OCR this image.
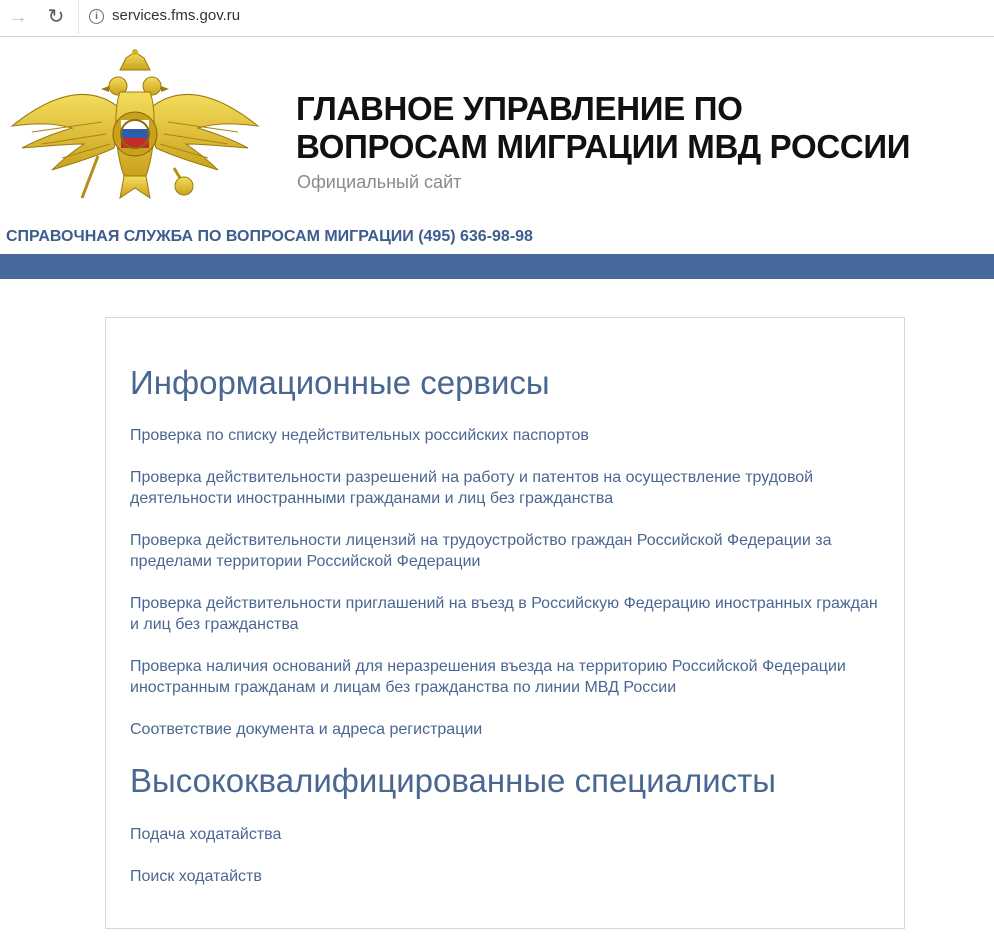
→ ↻	i services.fms.gov.ru
ГЛАВНОЕ УПРАВЛЕНИЕ ПО ВОПРОСАМ МИГРАЦИИ МВД РОССИИ
Официальный сайт
СПРАВОЧНАЯ СЛУЖБА ПО ВОПРОСАМ МИГРАЦИИ (495) 636-98-98
Информационные сервисы
Проверка по списку недействительных российских паспортов
Проверка действительности разрешений на работу и патентов на осуществление трудовой деятельности иностранными гражданами и лиц без гражданства
Проверка действительности лицензий на трудоустройство граждан Российской Федерации за пределами территории Российской Федерации
Проверка действительности приглашений на въезд в Российскую Федерацию иностранных граждан и лиц без гражданства
Проверка наличия оснований для неразрешения въезда на территорию Российской Федерации иностранным гражданам и лицам без гражданства по линии МВД России
Соответствие документа и адреса регистрации
Высококвалифицированные специалисты
Подача ходатайства
Поиск ходатайств
